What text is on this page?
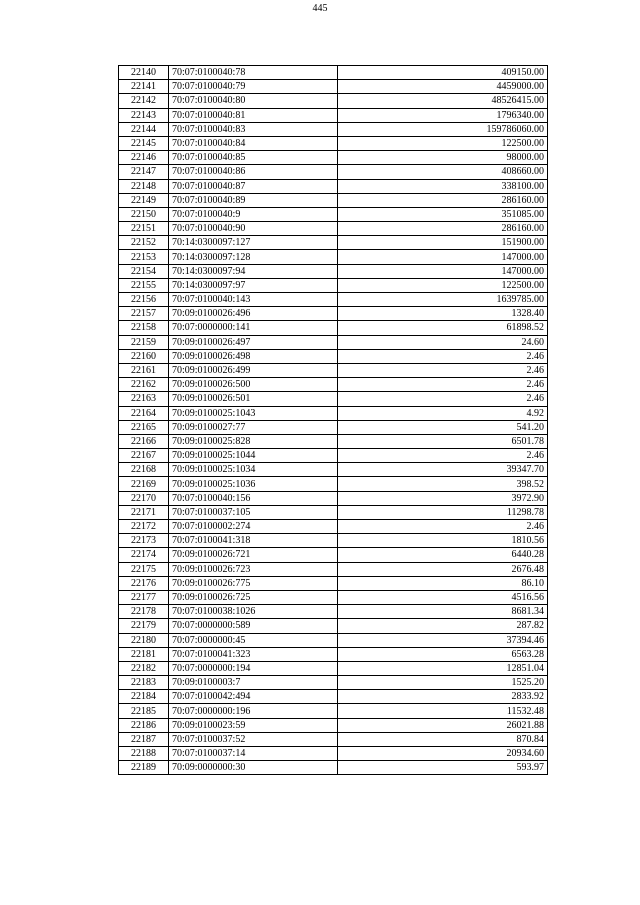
445
22140	70:07:0100040:78	409150.00
22141	70:07:0100040:79	4459000.00
22142	70:07:0100040:80	48526415.00
22143	70:07:0100040:81	1796340.00
22144	70:07:0100040:83	159786060.00
22145	70:07:0100040:84	122500.00
22146	70:07:0100040:85	98000.00
22147	70:07:0100040:86	408660.00
22148	70:07:0100040:87	338100.00
22149	70:07:0100040:89	286160.00
22150	70:07:0100040:9	351085.00
22151	70:07:0100040:90	286160.00
22152	70:14:0300097:127	151900.00
22153	70:14:0300097:128	147000.00
22154	70:14:0300097:94	147000.00
22155	70:14:0300097:97	122500.00
22156	70:07:0100040:143	1639785.00
22157	70:09:0100026:496	1328.40
22158	70:07:0000000:141	61898.52
22159	70:09:0100026:497	24.60
22160	70:09:0100026:498	2.46
22161	70:09:0100026:499	2.46
22162	70:09:0100026:500	2.46
22163	70:09:0100026:501	2.46
22164	70:09:0100025:1043	4.92
22165	70:09:0100027:77	541.20
22166	70:09:0100025:828	6501.78
22167	70:09:0100025:1044	2.46
22168	70:09:0100025:1034	39347.70
22169	70:09:0100025:1036	398.52
22170	70:07:0100040:156	3972.90
22171	70:07:0100037:105	11298.78
22172	70:07:0100002:274	2.46
22173	70:07:0100041:318	1810.56
22174	70:09:0100026:721	6440.28
22175	70:09:0100026:723	2676.48
22176	70:09:0100026:775	86.10
22177	70:09:0100026:725	4516.56
22178	70:07:0100038:1026	8681.34
22179	70:07:0000000:589	287.82
22180	70:07:0000000:45	37394.46
22181	70:07:0100041:323	6563.28
22182	70:07:0000000:194	12851.04
22183	70:09:0100003:7	1525.20
22184	70:07:0100042:494	2833.92
22185	70:07:0000000:196	11532.48
22186	70:09:0100023:59	26021.88
22187	70:07:0100037:52	870.84
22188	70:07:0100037:14	20934.60
22189	70:09:0000000:30	593.97
